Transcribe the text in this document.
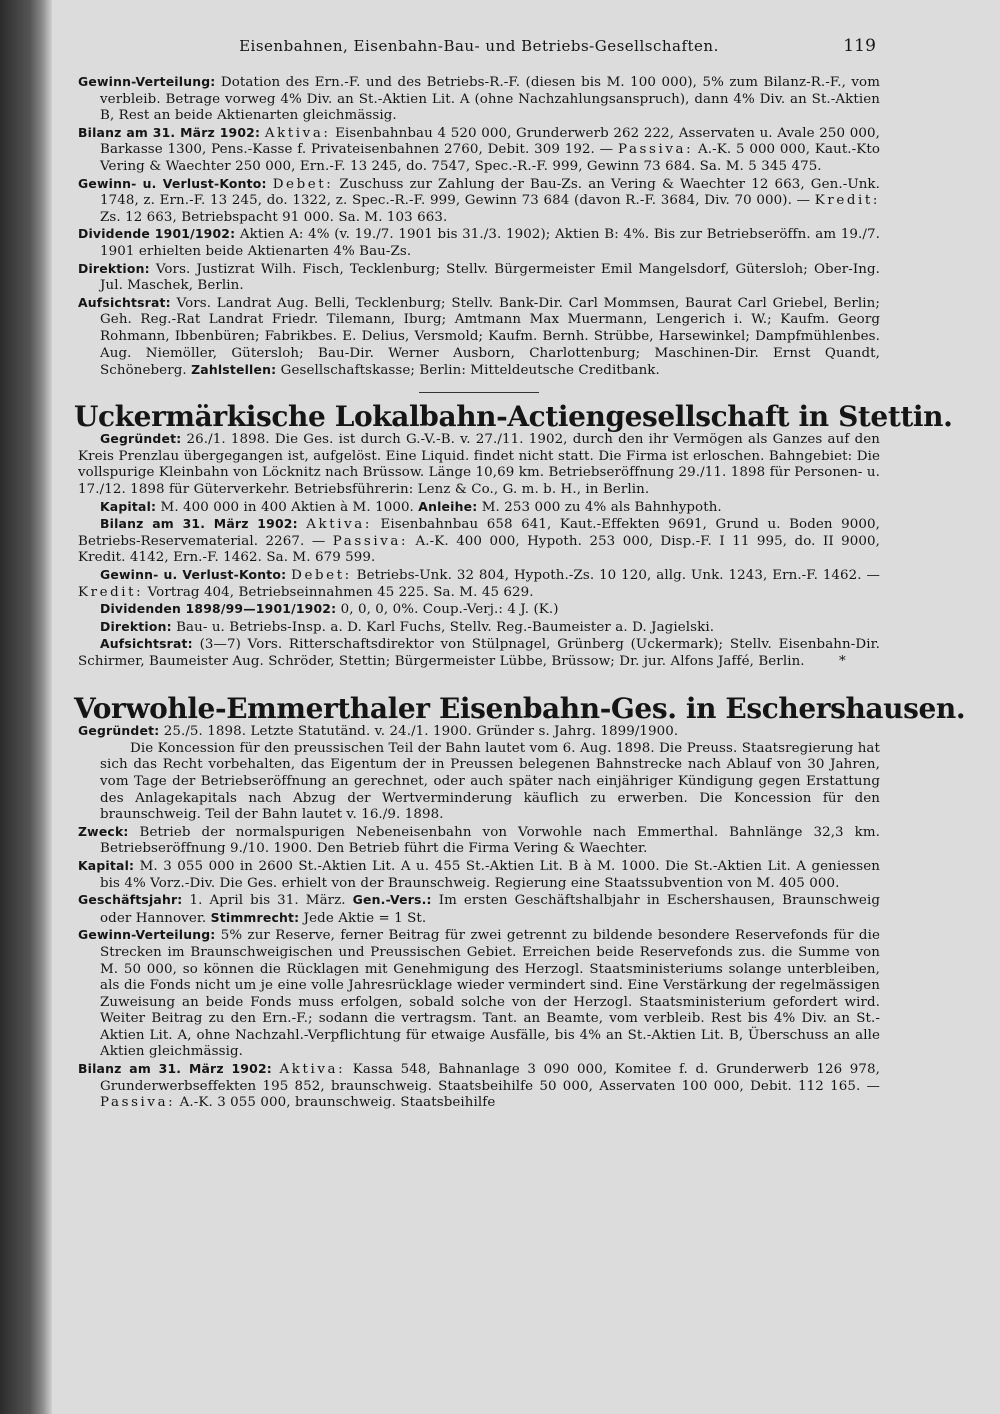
Eisenbahnen, Eisenbahn-Bau- und Betriebs-Gesellschaften.	119

Gewinn-Verteilung: Dotation des Ern.-F. und des Betriebs-R.-F. (diesen bis M. 100 000), 5% zum Bilanz-R.-F., vom verbleib. Betrage vorweg 4% Div. an St.-Aktien Lit. A (ohne Nachzahlungsanspruch), dann 4% Div. an St.-Aktien B, Rest an beide Aktienarten gleichmässig.

Bilanz am 31. März 1902: Aktiva: Eisenbahnbau 4 520 000, Grunderwerb 262 222, Asservaten u. Avale 250 000, Barkasse 1300, Pens.-Kasse f. Privateisenbahnen 2760, Debit. 309 192. — Passiva: A.-K. 5 000 000, Kaut.-Kto Vering & Waechter 250 000, Ern.-F. 13 245, do. 7547, Spec.-R.-F. 999, Gewinn 73 684. Sa. M. 5 345 475.

Gewinn- u. Verlust-Konto: Debet: Zuschuss zur Zahlung der Bau-Zs. an Vering & Waechter 12 663, Gen.-Unk. 1748, z. Ern.-F. 13 245, do. 1322, z. Spec.-R.-F. 999, Gewinn 73 684 (davon R.-F. 3684, Div. 70 000). — Kredit: Zs. 12 663, Betriebspacht 91 000. Sa. M. 103 663.

Dividende 1901/1902: Aktien A: 4% (v. 19./7. 1901 bis 31./3. 1902); Aktien B: 4%. Bis zur Betriebseröffn. am 19./7. 1901 erhielten beide Aktienarten 4% Bau-Zs.

Direktion: Vors. Justizrat Wilh. Fisch, Tecklenburg; Stellv. Bürgermeister Emil Mangelsdorf, Gütersloh; Ober-Ing. Jul. Maschek, Berlin.

Aufsichtsrat: Vors. Landrat Aug. Belli, Tecklenburg; Stellv. Bank-Dir. Carl Mommsen, Baurat Carl Griebel, Berlin; Geh. Reg.-Rat Landrat Friedr. Tilemann, Iburg; Amtmann Max Muermann, Lengerich i. W.; Kaufm. Georg Rohmann, Ibbenbüren; Fabrikbes. E. Delius, Versmold; Kaufm. Bernh. Strübbe, Harsewinkel; Dampfmühlenbes. Aug. Niemöller, Gütersloh; Bau-Dir. Werner Ausborn, Charlottenburg; Maschinen-Dir. Ernst Quandt, Schöneberg. Zahlstellen: Gesellschaftskasse; Berlin: Mitteldeutsche Creditbank.

Uckermärkische Lokalbahn-Actiengesellschaft in Stettin.

Gegründet: 26./1. 1898. Die Ges. ist durch G.-V.-B. v. 27./11. 1902, durch den ihr Vermögen als Ganzes auf den Kreis Prenzlau übergegangen ist, aufgelöst. Eine Liquid. findet nicht statt. Die Firma ist erloschen. Bahngebiet: Die vollspurige Kleinbahn von Löcknitz nach Brüssow. Länge 10,69 km. Betriebseröffnung 29./11. 1898 für Personen- u. 17./12. 1898 für Güterverkehr. Betriebsführerin: Lenz & Co., G. m. b. H., in Berlin.

Kapital: M. 400 000 in 400 Aktien à M. 1000. Anleihe: M. 253 000 zu 4% als Bahnhypoth.

Bilanz am 31. März 1902: Aktiva: Eisenbahnbau 658 641, Kaut.-Effekten 9691, Grund u. Boden 9000, Betriebs-Reservematerial. 2267. — Passiva: A.-K. 400 000, Hypoth. 253 000, Disp.-F. I 11 995, do. II 9000, Kredit. 4142, Ern.-F. 1462. Sa. M. 679 599.

Gewinn- u. Verlust-Konto: Debet: Betriebs-Unk. 32 804, Hypoth.-Zs. 10 120, allg. Unk. 1243, Ern.-F. 1462. — Kredit: Vortrag 404, Betriebseinnahmen 45 225. Sa. M. 45 629.

Dividenden 1898/99—1901/1902: 0, 0, 0, 0%. Coup.-Verj.: 4 J. (K.)

Direktion: Bau- u. Betriebs-Insp. a. D. Karl Fuchs, Stellv. Reg.-Baumeister a. D. Jagielski.

Aufsichtsrat: (3—7) Vors. Ritterschaftsdirektor von Stülpnagel, Grünberg (Uckermark); Stellv. Eisenbahn-Dir. Schirmer, Baumeister Aug. Schröder, Stettin; Bürgermeister Lübbe, Brüssow; Dr. jur. Alfons Jaffé, Berlin.	*

Vorwohle-Emmerthaler Eisenbahn-Ges. in Eschershausen.

Gegründet: 25./5. 1898. Letzte Statutänd. v. 24./1. 1900. Gründer s. Jahrg. 1899/1900.

Die Koncession für den preussischen Teil der Bahn lautet vom 6. Aug. 1898. Die Preuss. Staatsregierung hat sich das Recht vorbehalten, das Eigentum der in Preussen belegenen Bahnstrecke nach Ablauf von 30 Jahren, vom Tage der Betriebseröffnung an gerechnet, oder auch später nach einjähriger Kündigung gegen Erstattung des Anlagekapitals nach Abzug der Wertverminderung käuflich zu erwerben. Die Koncession für den braunschweig. Teil der Bahn lautet v. 16./9. 1898.

Zweck: Betrieb der normalspurigen Nebeneisenbahn von Vorwohle nach Emmerthal. Bahnlänge 32,3 km. Betriebseröffnung 9./10. 1900. Den Betrieb führt die Firma Vering & Waechter.

Kapital: M. 3 055 000 in 2600 St.-Aktien Lit. A u. 455 St.-Aktien Lit. B à M. 1000. Die St.-Aktien Lit. A geniessen bis 4% Vorz.-Div. Die Ges. erhielt von der Braunschweig. Regierung eine Staatssubvention von M. 405 000.

Geschäftsjahr: 1. April bis 31. März. Gen.-Vers.: Im ersten Geschäftshalbjahr in Eschershausen, Braunschweig oder Hannover. Stimmrecht: Jede Aktie = 1 St.

Gewinn-Verteilung: 5% zur Reserve, ferner Beitrag für zwei getrennt zu bildende besondere Reservefonds für die Strecken im Braunschweigischen und Preussischen Gebiet. Erreichen beide Reservefonds zus. die Summe von M. 50 000, so können die Rücklagen mit Genehmigung des Herzogl. Staatsministeriums solange unterbleiben, als die Fonds nicht um je eine volle Jahresrücklage wieder vermindert sind. Eine Verstärkung der regelmässigen Zuweisung an beide Fonds muss erfolgen, sobald solche von der Herzogl. Staatsministerium gefordert wird. Weiter Beitrag zu den Ern.-F.; sodann die vertragsm. Tant. an Beamte, vom verbleib. Rest bis 4% Div. an St.-Aktien Lit. A, ohne Nachzahl.-Verpflichtung für etwaige Ausfälle, bis 4% an St.-Aktien Lit. B, Überschuss an alle Aktien gleichmässig.

Bilanz am 31. März 1902: Aktiva: Kassa 548, Bahnanlage 3 090 000, Komitee f. d. Grunderwerb 126 978, Grunderwerbseffekten 195 852, braunschweig. Staatsbeihilfe 50 000, Asservaten 100 000, Debit. 112 165. — Passiva: A.-K. 3 055 000, braunschweig. Staatsbeihilfe
